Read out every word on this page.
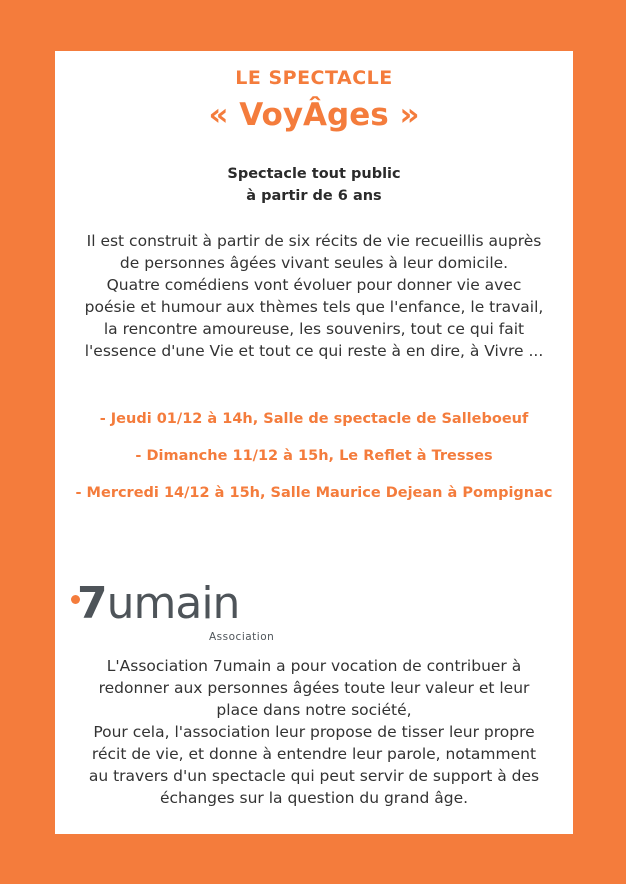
LE SPECTACLE
« VoyÂges »
Spectacle tout public
à partir de 6 ans
Il est construit à partir de six récits de vie recueillis auprès
de personnes âgées vivant seules à leur domicile.
Quatre comédiens vont évoluer pour donner vie avec
poésie et humour aux thèmes tels que l'enfance, le travail,
la rencontre amoureuse, les souvenirs, tout ce qui fait
l'essence d'une Vie et tout ce qui reste à en dire, à Vivre ...
- Jeudi 01/12 à 14h, Salle de spectacle de Salleboeuf
- Dimanche 11/12 à 15h, Le Reflet à Tresses
- Mercredi 14/12 à 15h, Salle Maurice Dejean à Pompignac
7umain
Association
L'Association 7umain a pour vocation de contribuer à
redonner aux personnes âgées toute leur valeur et leur
place dans notre société,
Pour cela, l'association leur propose de tisser leur propre
récit de vie, et donne à entendre leur parole, notamment
au travers d'un spectacle qui peut servir de support à des
échanges sur la question du grand âge.
